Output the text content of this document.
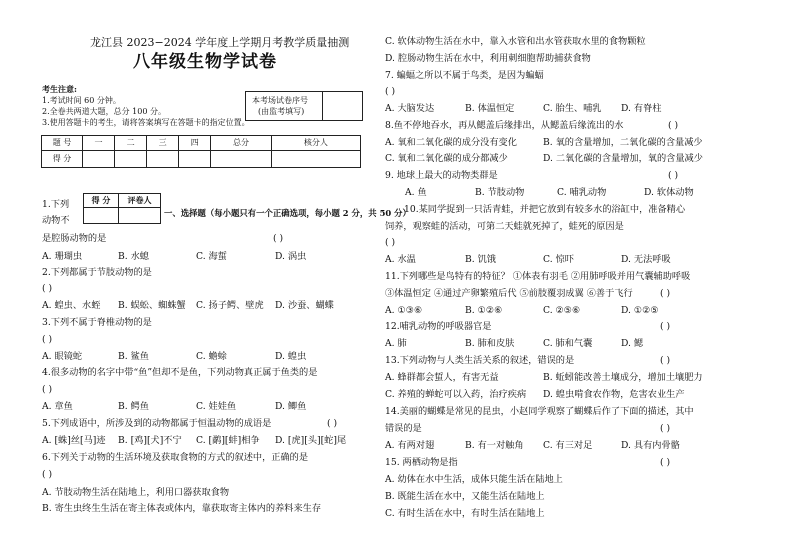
龙江县 2023−2024 学年度上学期月考教学质量抽测
八年级生物学试卷
考生注意:
1.考试时间 60 分钟。
2.全卷共两道大题，总分 100 分。
3.使用答题卡的考生，请将答案填写在答题卡的指定位置。
本考场试卷序号
(由监考填写)
题 号	一	二	三	四	总分	核分人
得 分						
1.下列
动物不
得 分	评卷人

一、选择题（每小题只有一个正确选项，每小题 2 分，共 50 分）
是腔肠动物的是	( )
A. 珊瑚虫	B. 水螅	C. 海蜇	D. 涡虫
2.下列都属于节肢动物的是
( )
A. 蝗虫、水蛭 B. 蜈蚣、蜘蛛蟹 C. 扬子鳄、壁虎 D. 沙蚕、蝴蝶
3.下列不属于脊椎动物的是
( )
A. 眼镜蛇	B. 鲨鱼	C. 蟾蜍	D. 蝗虫
4.很多动物的名字中带“鱼”但却不是鱼，下列动物真正属于鱼类的是
( )
A. 章鱼	B. 鳄鱼	C. 娃娃鱼	D. 鲫鱼
5.下列成语中，所涉及到的动物都属于恒温动物的成语是	( )
A. [蛛]丝[马]迹 B. [鸡][犬]不宁 C. [鹬][蚌]相争 D. [虎][头][蛇]尾
6.下列关于动物的生活环境及获取食物的方式的叙述中，正确的是
( )
A. 节肢动物生活在陆地上，利用口器获取食物
B. 寄生虫终生生活在寄主体表或体内，靠获取寄主体内的养料来生存
C. 软体动物生活在水中，靠入水管和出水管获取水里的食物颗粒
D. 腔肠动物生活在水中，利用刺细胞帮助捕获食物
7. 蝙蝠之所以不属于鸟类，是因为蝙蝠
( )
A. 大脑发达	B. 体温恒定	C. 胎生、哺乳 D. 有脊柱
8.鱼不停地吞水，再从鳃盖后缘排出，从鳃盖后缘流出的水	( )
A. 氧和二氧化碳的成分没有变化	B. 氧的含量增加，二氧化碳的含量减少
C. 氧和二氧化碳的成分都减少	D. 二氧化碳的含量增加，氧的含量减少
9. 地球上最大的动物类群是	( )
A. 鱼	B. 节肢动物	C. 哺乳动物	D. 软体动物
10.某同学捉到一只活青蛙，并把它放到有较多水的浴缸中，准备精心
饲养，观察蛙的活动，可第二天蛙就死掉了，蛙死的原因是
( )
A. 水温	B. 饥饿	C. 惊吓	D. 无法呼吸
11.下列哪些是鸟特有的特征？ ①体表有羽毛 ②用肺呼吸并用气囊辅助呼吸
③体温恒定 ④通过产卵繁殖后代 ⑤前肢覆羽成翼 ⑥善于飞行	( )
A. ①③⑥	B. ①②⑥	C. ②⑤⑥	D. ①②⑤
12.哺乳动物的呼吸器官是	( )
A. 肺	B. 肺和皮肤	C. 肺和气囊	D. 鳃
13.下列动物与人类生活关系的叙述，错误的是	( )
A. 蜂群都会蜇人，有害无益	B. 蚯蚓能改善土壤成分，增加土壤肥力
C. 养殖的蝉蛇可以入药，治疗疾病 D. 蝗虫啃食农作物，危害农业生产
14.美丽的蝴蝶是常见的昆虫，小赵同学观察了蝴蝶后作了下面的描述，其中
错误的是	( )
A. 有两对翅	B. 有一对触角 C. 有三对足	D. 具有内骨骼
15. 两栖动物是指	( )
A. 幼体在水中生活，成体只能生活在陆地上
B. 既能生活在水中，又能生活在陆地上
C. 有时生活在水中，有时生活在陆地上
